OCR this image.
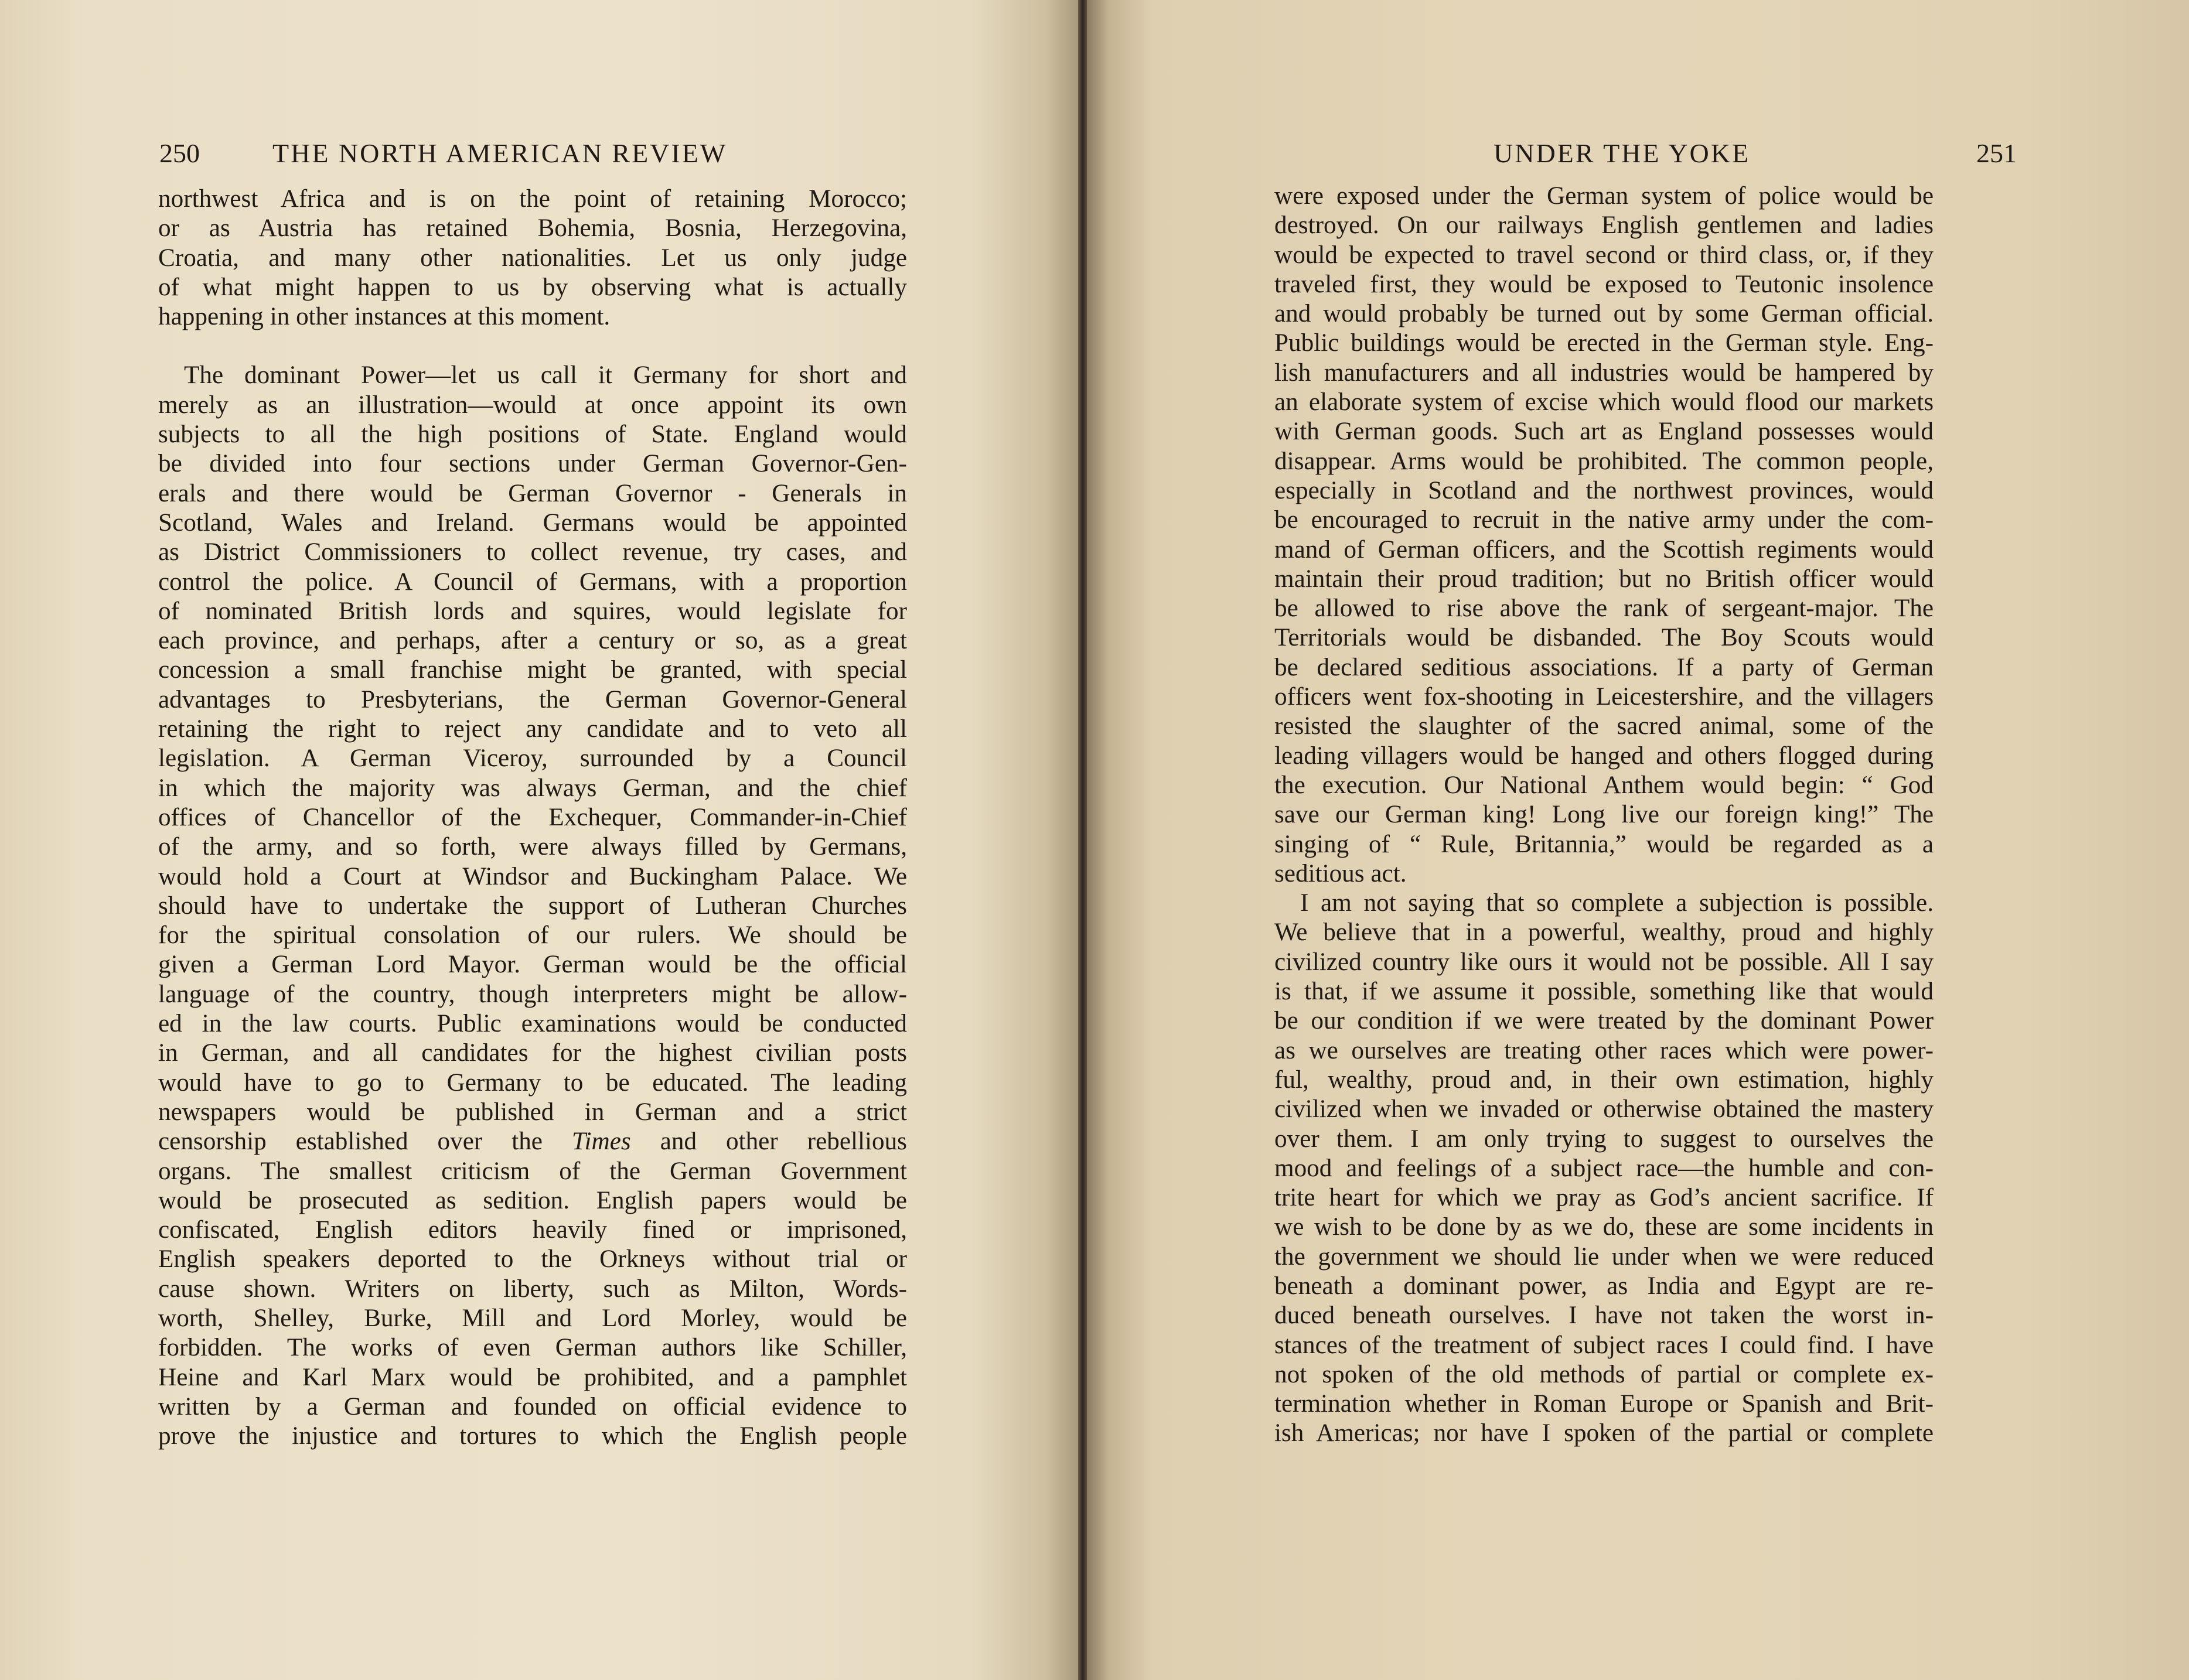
250	THE NORTH AMERICAN REVIEW
northwest Africa and is on the point of retaining Morocco;
or as Austria has retained Bohemia, Bosnia, Herzegovina,
Croatia, and many other nationalities. Let us only judge
of what might happen to us by observing what is actually
happening in other instances at this moment.
The dominant Power—let us call it Germany for short and
merely as an illustration—would at once appoint its own
subjects to all the high positions of State. England would
be divided into four sections under German Governor-Gen-
erals and there would be German Governor - Generals in
Scotland, Wales and Ireland. Germans would be appointed
as District Commissioners to collect revenue, try cases, and
control the police. A Council of Germans, with a proportion
of nominated British lords and squires, would legislate for
each province, and perhaps, after a century or so, as a great
concession a small franchise might be granted, with special
advantages to Presbyterians, the German Governor-General
retaining the right to reject any candidate and to veto all
legislation. A German Viceroy, surrounded by a Council
in which the majority was always German, and the chief
offices of Chancellor of the Exchequer, Commander-in-Chief
of the army, and so forth, were always filled by Germans,
would hold a Court at Windsor and Buckingham Palace. We
should have to undertake the support of Lutheran Churches
for the spiritual consolation of our rulers. We should be
given a German Lord Mayor. German would be the official
language of the country, though interpreters might be allow-
ed in the law courts. Public examinations would be conducted
in German, and all candidates for the highest civilian posts
would have to go to Germany to be educated. The leading
newspapers would be published in German and a strict
censorship established over the Times and other rebellious
organs. The smallest criticism of the German Government
would be prosecuted as sedition. English papers would be
confiscated, English editors heavily fined or imprisoned,
English speakers deported to the Orkneys without trial or
cause shown. Writers on liberty, such as Milton, Words-
worth, Shelley, Burke, Mill and Lord Morley, would be
forbidden. The works of even German authors like Schiller,
Heine and Karl Marx would be prohibited, and a pamphlet
written by a German and founded on official evidence to
prove the injustice and tortures to which the English people
UNDER THE YOKE	251
were exposed under the German system of police would be
destroyed. On our railways English gentlemen and ladies
would be expected to travel second or third class, or, if they
traveled first, they would be exposed to Teutonic insolence
and would probably be turned out by some German official.
Public buildings would be erected in the German style. Eng-
lish manufacturers and all industries would be hampered by
an elaborate system of excise which would flood our markets
with German goods. Such art as England possesses would
disappear. Arms would be prohibited. The common people,
especially in Scotland and the northwest provinces, would
be encouraged to recruit in the native army under the com-
mand of German officers, and the Scottish regiments would
maintain their proud tradition; but no British officer would
be allowed to rise above the rank of sergeant-major. The
Territorials would be disbanded. The Boy Scouts would
be declared seditious associations. If a party of German
officers went fox-shooting in Leicestershire, and the villagers
resisted the slaughter of the sacred animal, some of the
leading villagers would be hanged and others flogged during
the execution. Our National Anthem would begin: “ God
save our German king! Long live our foreign king!” The
singing of “ Rule, Britannia,” would be regarded as a
seditious act.
I am not saying that so complete a subjection is possible.
We believe that in a powerful, wealthy, proud and highly
civilized country like ours it would not be possible. All I say
is that, if we assume it possible, something like that would
be our condition if we were treated by the dominant Power
as we ourselves are treating other races which were power-
ful, wealthy, proud and, in their own estimation, highly
civilized when we invaded or otherwise obtained the mastery
over them. I am only trying to suggest to ourselves the
mood and feelings of a subject race—the humble and con-
trite heart for which we pray as God’s ancient sacrifice. If
we wish to be done by as we do, these are some incidents in
the government we should lie under when we were reduced
beneath a dominant power, as India and Egypt are re-
duced beneath ourselves. I have not taken the worst in-
stances of the treatment of subject races I could find. I have
not spoken of the old methods of partial or complete ex-
termination whether in Roman Europe or Spanish and Brit-
ish Americas; nor have I spoken of the partial or complete
